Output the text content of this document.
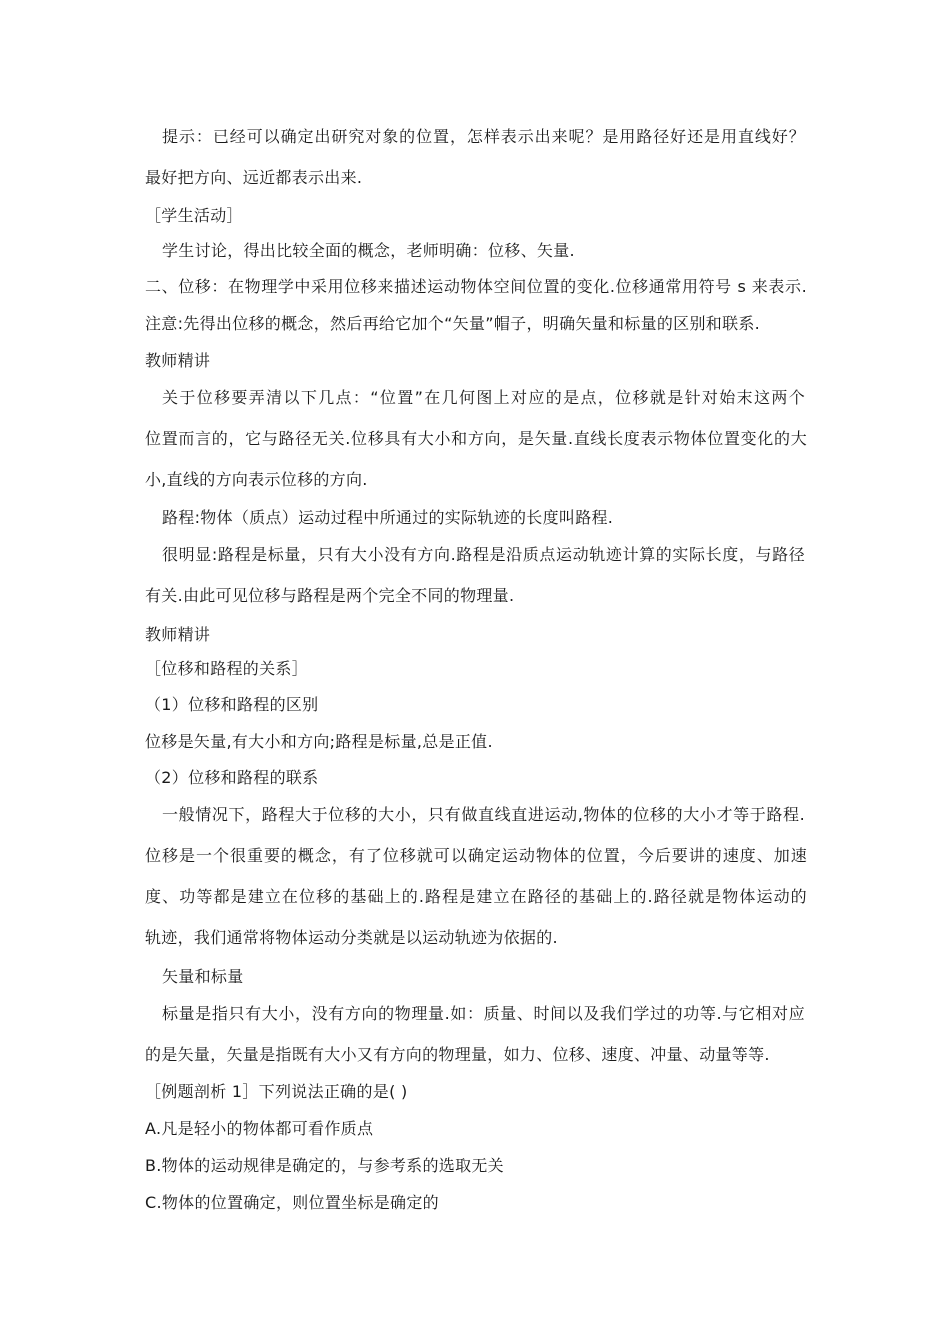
提示：已经可以确定出研究对象的位置，怎样表示出来呢？是用路径好还是用直线好？
最好把方向、远近都表示出来.
［学生活动］
学生讨论，得出比较全面的概念，老师明确：位移、矢量.
二、位移：在物理学中采用位移来描述运动物体空间位置的变化.位移通常用符号 s 来表示.
注意:先得出位移的概念，然后再给它加个“矢量”帽子，明确矢量和标量的区别和联系.
教师精讲
关于位移要弄清以下几点：“位置”在几何图上对应的是点，位移就是针对始末这两个
位置而言的，它与路径无关.位移具有大小和方向，是矢量.直线长度表示物体位置变化的大
小,直线的方向表示位移的方向.
路程:物体（质点）运动过程中所通过的实际轨迹的长度叫路程.
很明显:路程是标量，只有大小没有方向.路程是沿质点运动轨迹计算的实际长度，与路径
有关.由此可见位移与路程是两个完全不同的物理量.
教师精讲
［位移和路程的关系］
（1）位移和路程的区别
位移是矢量,有大小和方向;路程是标量,总是正值.
（2）位移和路程的联系
一般情况下，路程大于位移的大小，只有做直线直进运动,物体的位移的大小才等于路程.
位移是一个很重要的概念，有了位移就可以确定运动物体的位置，今后要讲的速度、加速
度、功等都是建立在位移的基础上的.路程是建立在路径的基础上的.路径就是物体运动的
轨迹，我们通常将物体运动分类就是以运动轨迹为依据的.
矢量和标量
标量是指只有大小，没有方向的物理量.如：质量、时间以及我们学过的功等.与它相对应
的是矢量，矢量是指既有大小又有方向的物理量，如力、位移、速度、冲量、动量等等.
［例题剖析 1］下列说法正确的是( )
A.凡是轻小的物体都可看作质点
B.物体的运动规律是确定的，与参考系的选取无关
C.物体的位置确定，则位置坐标是确定的
